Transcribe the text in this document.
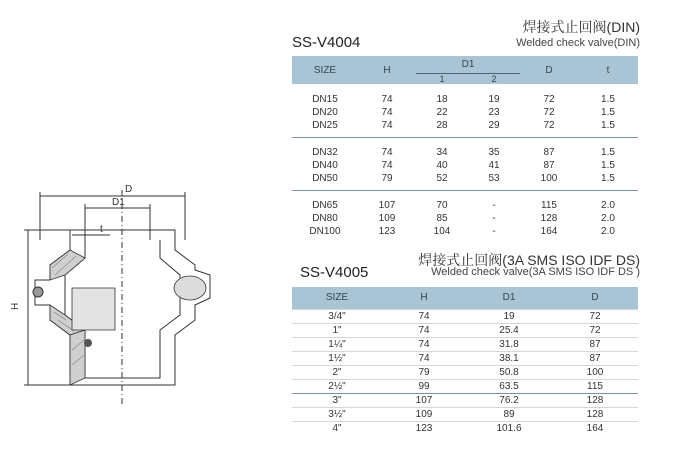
D
D1
t
H
SS-V4004
焊接式止回阀(DIN)
Welded check valve(DIN)
SIZE	H	D1		D	t
		1	2		
DN15	74	18	19	72	1.5
DN20	74	22	23	72	1.5
DN25	74	28	29	72	1.5

DN32	74	34	35	87	1.5
DN40	74	40	41	87	1.5
DN50	79	52	53	100	1.5

DN65	107	70	-	115	2.0
DN80	109	85	-	128	2.0
DN100	123	104	-	164	2.0

SS-V4005
焊接式止回阀(3A SMS ISO IDF DS)
Welded check valve(3A SMS ISO IDF DS )
SIZE	H	D1	D
3/4"	74	19	72
1"	74	25.4	72
1¼"	74	31.8	87
1½"	74	38.1	87
2"	79	50.8	100
2½"	99	63.5	115
3"	107	76.2	128
3½"	109	89	128
4"	123	101.6	164
